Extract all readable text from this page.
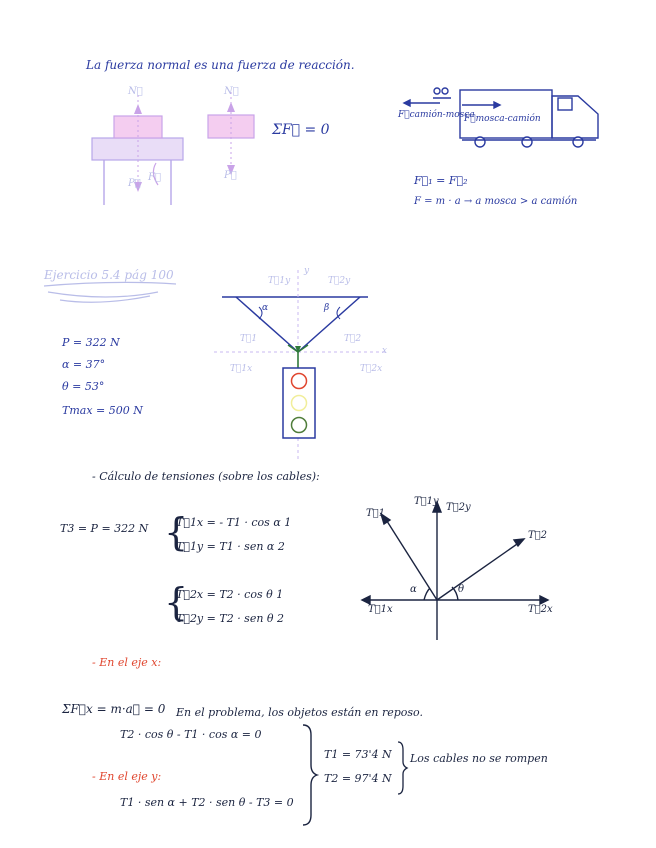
La fuerza normal es una fuerza de reacción.
N⃗
P⃗
F⃗
N⃗
P⃗
ΣF⃗ = 0
F⃗camión-mosca
F⃗mosca-camión
F⃗₁ = F⃗₂
F = m · a → a mosca > a camión
Ejercicio 5.4 pág 100
P = 322 N
α = 37°
θ = 53°
Tmax = 500 N
T⃗1y	T⃗2y
y
α	β
T⃗1	T⃗2
T⃗1x	T⃗2x
x
- Cálculo de tensiones (sobre los cables):
T3 = P = 322 N {
T⃗1x = - T1 · cos α 1
T⃗1y = T1 · sen α 2
{
T⃗2x = T2 · cos θ 1
T⃗2y = T2 · sen θ 2
T⃗1
T⃗1y
T⃗2y
T⃗2
T⃗1x	T⃗2x
α	θ
- En el eje x:
ΣF⃗x = m·a⃗ = 0 En el problema, los objetos están en reposo.
T2 · cos θ - T1 · cos α = 0
- En el eje y:
T1 · sen α + T2 · sen θ - T3 = 0
T1 = 73'4 N
T2 = 97'4 N
Los cables no se rompen
